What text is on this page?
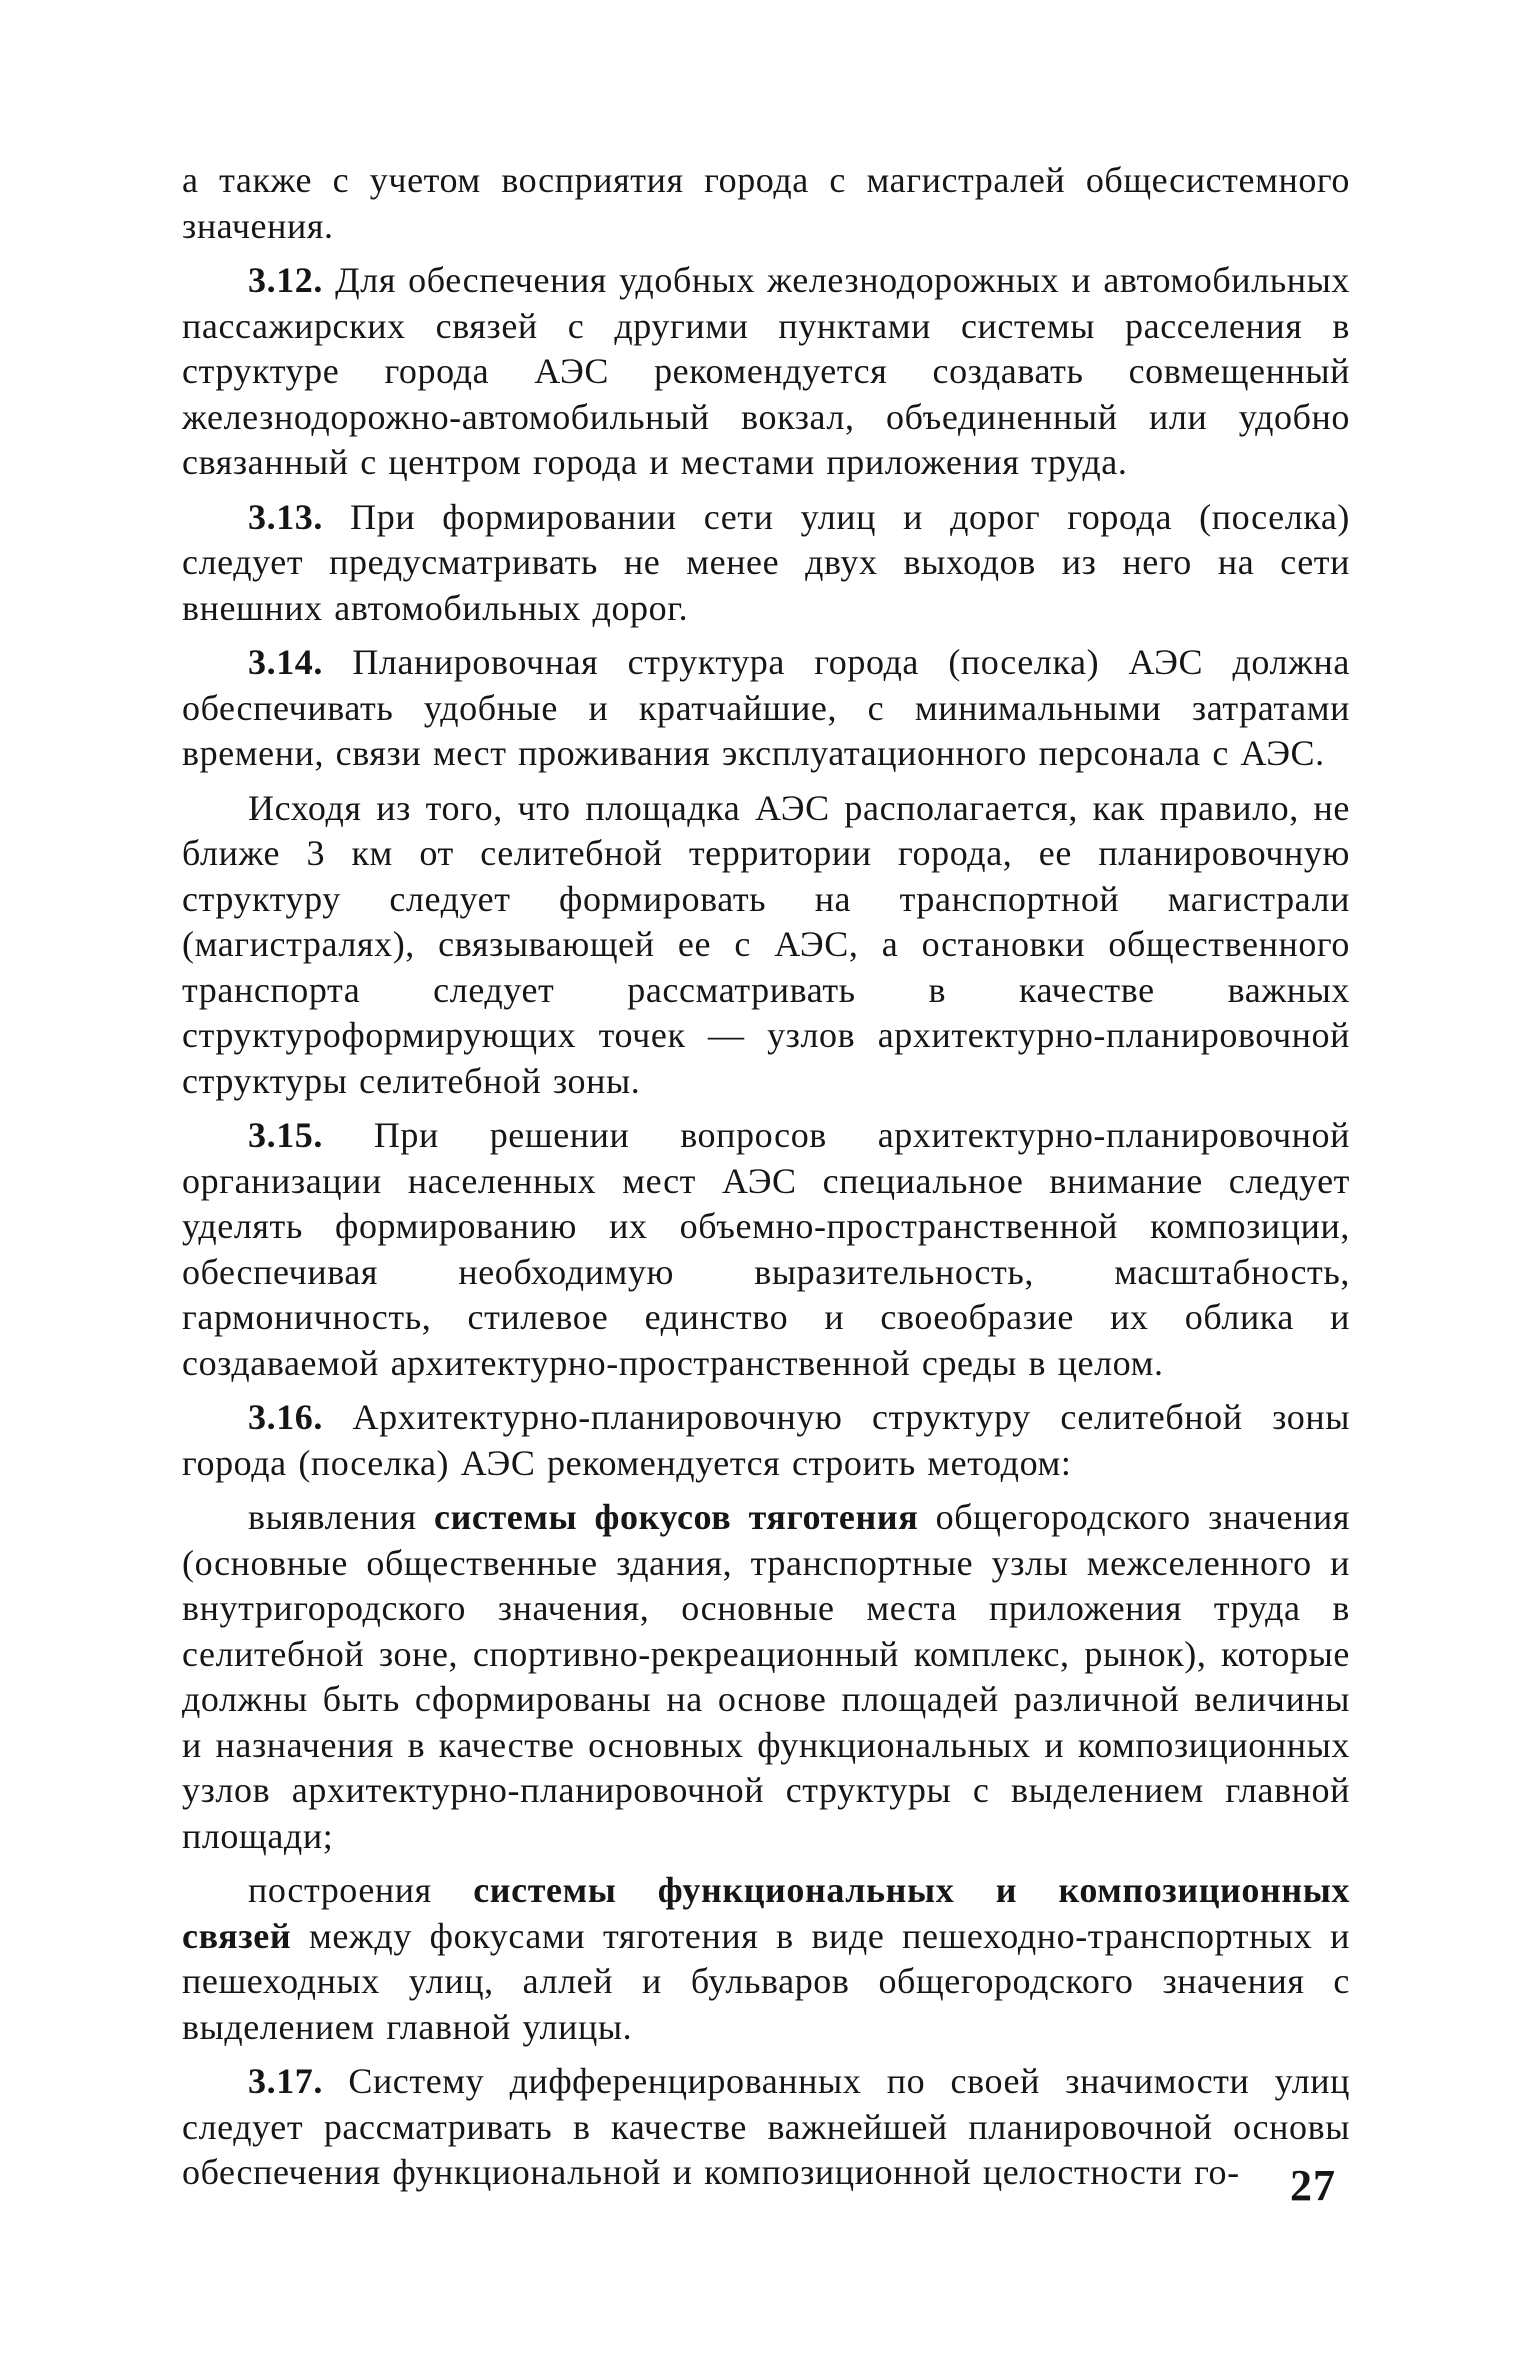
а также с учетом восприятия города с магистралей общесистемного значения.

3.12. Для обеспечения удобных железнодорожных и автомобильных пассажирских связей с другими пунктами системы расселения в структуре города АЭС рекомендуется создавать совмещенный железнодорожно-автомобильный вокзал, объединенный или удобно связанный с центром города и местами приложения труда.

3.13. При формировании сети улиц и дорог города (поселка) следует предусматривать не менее двух выходов из него на сети внешних автомобильных дорог.

3.14. Планировочная структура города (поселка) АЭС должна обеспечивать удобные и кратчайшие, с минимальными затратами времени, связи мест проживания эксплуатационного персонала с АЭС.

Исходя из того, что площадка АЭС располагается, как правило, не ближе 3 км от селитебной территории города, ее планировочную структуру следует формировать на транспортной магистрали (магистралях), связывающей ее с АЭС, а остановки общественного транспорта следует рассматривать в качестве важных структуроформирующих точек — узлов архитектурно-планировочной структуры селитебной зоны.

3.15. При решении вопросов архитектурно-планировочной организации населенных мест АЭС специальное внимание следует уделять формированию их объемно-пространственной композиции, обеспечивая необходимую выразительность, масштабность, гармоничность, стилевое единство и своеобразие их облика и создаваемой архитектурно-пространственной среды в целом.

3.16. Архитектурно-планировочную структуру селитебной зоны города (поселка) АЭС рекомендуется строить методом:

выявления системы фокусов тяготения общегородского значения (основные общественные здания, транспортные узлы межселенного и внутригородского значения, основные места приложения труда в селитебной зоне, спортивно-рекреационный комплекс, рынок), которые должны быть сформированы на основе площадей различной величины и назначения в качестве основных функциональных и композиционных узлов архитектурно-планировочной структуры с выделением главной площади;

построения системы функциональных и композиционных связей между фокусами тяготения в виде пешеходно-транспортных и пешеходных улиц, аллей и бульваров общегородского значения с выделением главной улицы.

3.17. Систему дифференцированных по своей значимости улиц следует рассматривать в качестве важнейшей планировочной основы обеспечения функциональной и композиционной целостности го-	27
